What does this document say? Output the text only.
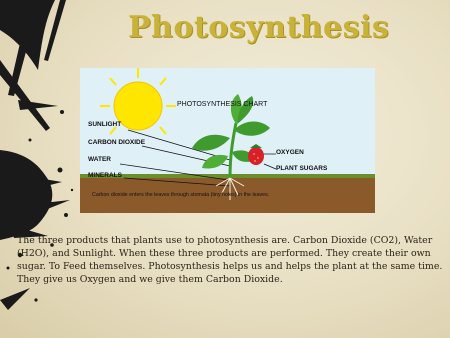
Photosynthesis
PHOTOSYNTHESIS CHART
SUNLIGHT
CARBON DIOXIDE
WATER
MINERALS
OXYGEN
PLANT SUGARS
Carbon dioxide enters the leaves through stomata (tiny holes) in the leaves.

The three products that plants use to photosynthesis are. Carbon Dioxide (CO2), Water (H2O), and Sunlight. When these three products are performed. They create their own sugar. To Feed themselves. Photosynthesis helps us and helps the plant at the same time. They give us Oxygen and we give them Carbon Dioxide.
